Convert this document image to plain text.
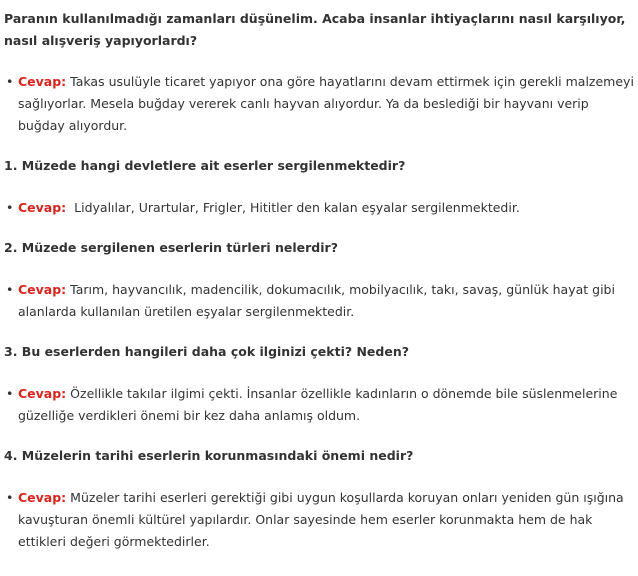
Paranın kullanılmadığı zamanları düşünelim. Acaba insanlar ihtiyaçlarını nasıl karşılıyor, nasıl alışveriş yapıyorlardı?

• Cevap: Takas usulüyle ticaret yapıyor ona göre hayatlarını devam ettirmek için gerekli malzemeyi sağlıyorlar. Mesela buğday vererek canlı hayvan alıyordur. Ya da beslediği bir hayvanı verip buğday alıyordur.

1. Müzede hangi devletlere ait eserler sergilenmektedir?

• Cevap:  Lidyalılar, Urartular, Frigler, Hititler den kalan eşyalar sergilenmektedir.

2. Müzede sergilenen eserlerin türleri nelerdir?

• Cevap: Tarım, hayvancılık, madencilik, dokumacılık, mobilyacılık, takı, savaş, günlük hayat gibi alanlarda kullanılan üretilen eşyalar sergilenmektedir.

3. Bu eserlerden hangileri daha çok ilginizi çekti? Neden?

• Cevap: Özellikle takılar ilgimi çekti. İnsanlar özellikle kadınların o dönemde bile süslenmelerine güzelliğe verdikleri önemi bir kez daha anlamış oldum.

4. Müzelerin tarihi eserlerin korunmasındaki önemi nedir?

• Cevap: Müzeler tarihi eserleri gerektiği gibi uygun koşullarda koruyan onları yeniden gün ışığına kavuşturan önemli kültürel yapılardır. Onlar sayesinde hem eserler korunmakta hem de hak ettikleri değeri görmektedirler.
